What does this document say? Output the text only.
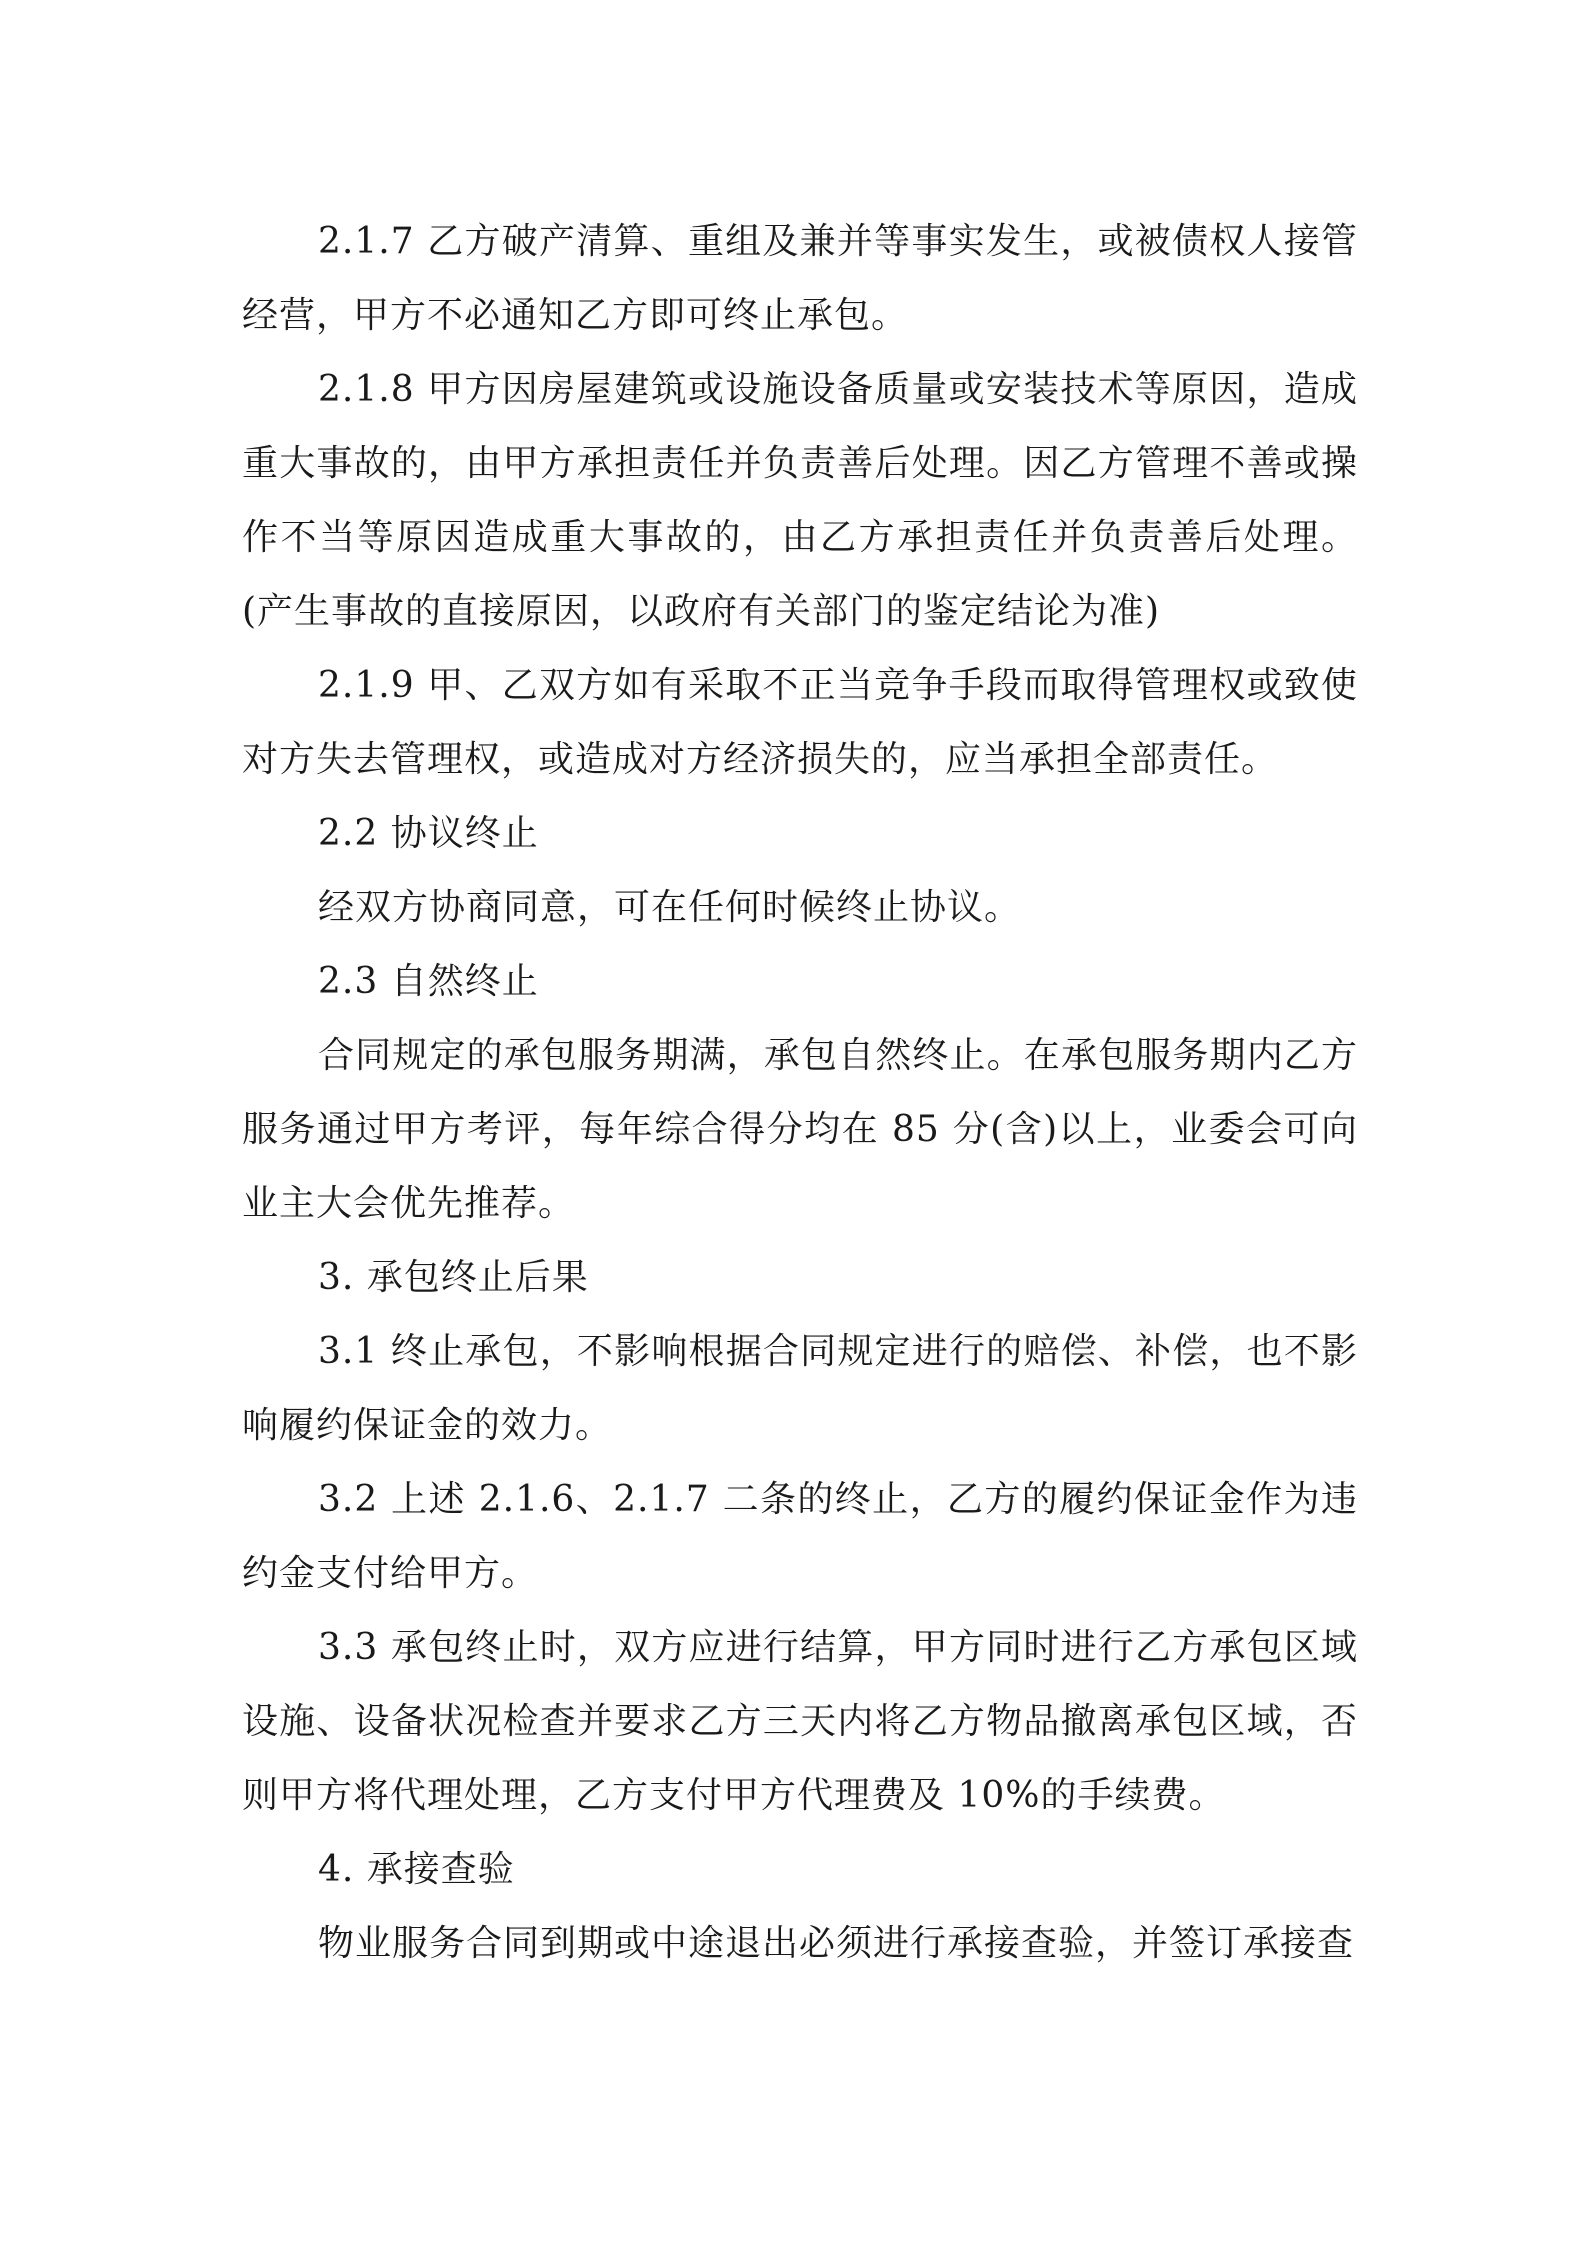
2.1.7 乙方破产清算、重组及兼并等事实发生，或被债权人接管经营，甲方不必通知乙方即可终止承包。

2.1.8 甲方因房屋建筑或设施设备质量或安装技术等原因，造成重大事故的，由甲方承担责任并负责善后处理。因乙方管理不善或操作不当等原因造成重大事故的，由乙方承担责任并负责善后处理。(产生事故的直接原因，以政府有关部门的鉴定结论为准)

2.1.9 甲、乙双方如有采取不正当竞争手段而取得管理权或致使对方失去管理权，或造成对方经济损失的，应当承担全部责任。

2.2 协议终止

经双方协商同意，可在任何时候终止协议。

2.3 自然终止

合同规定的承包服务期满，承包自然终止。在承包服务期内乙方服务通过甲方考评，每年综合得分均在 85 分(含)以上，业委会可向业主大会优先推荐。

3. 承包终止后果

3.1 终止承包，不影响根据合同规定进行的赔偿、补偿，也不影响履约保证金的效力。

3.2 上述 2.1.6、2.1.7 二条的终止，乙方的履约保证金作为违约金支付给甲方。

3.3 承包终止时，双方应进行结算，甲方同时进行乙方承包区域设施、设备状况检查并要求乙方三天内将乙方物品撤离承包区域，否则甲方将代理处理，乙方支付甲方代理费及 10%的手续费。

4. 承接查验

物业服务合同到期或中途退出必须进行承接查验，并签订承接查
